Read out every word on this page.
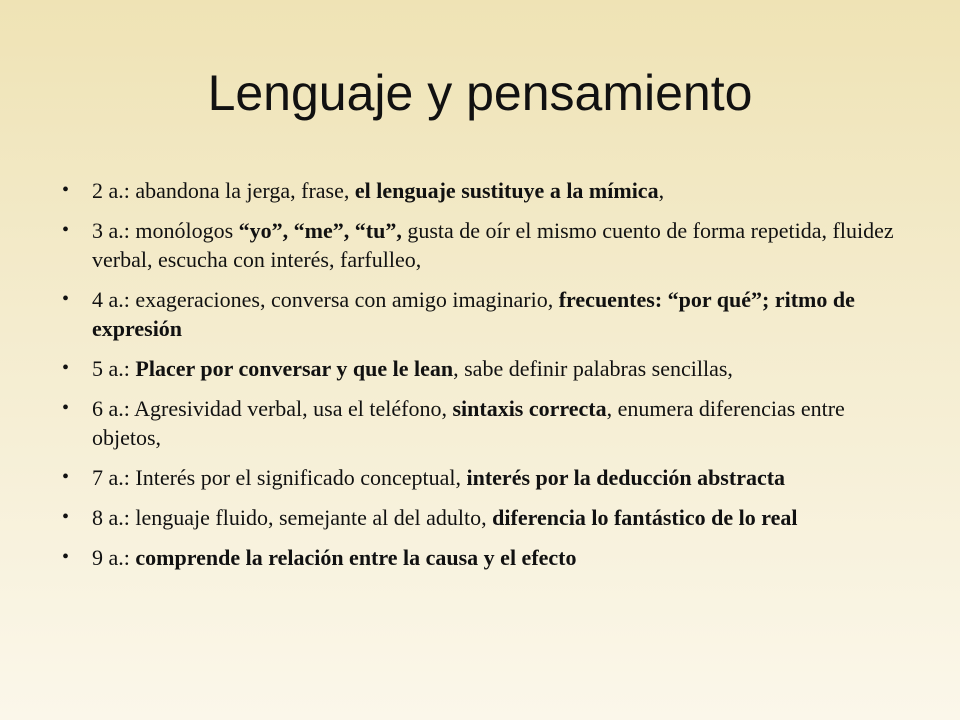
Lenguaje y pensamiento
• 2 a.: abandona la jerga, frase, el lenguaje sustituye a la mímica,
• 3 a.: monólogos “yo”, “me”, “tu”, gusta de oír el mismo cuento de forma repetida, fluidez verbal, escucha con interés, farfulleo,
• 4 a.: exageraciones, conversa con amigo imaginario, frecuentes: “por qué”; ritmo de expresión
• 5 a.: Placer por conversar y que le lean, sabe definir palabras sencillas,
• 6 a.: Agresividad verbal, usa el teléfono, sintaxis correcta, enumera diferencias entre objetos,
• 7 a.: Interés por el significado conceptual, interés por la deducción abstracta
• 8 a.: lenguaje fluido, semejante al del adulto, diferencia lo fantástico de lo real
• 9 a.: comprende la relación entre la causa y el efecto
